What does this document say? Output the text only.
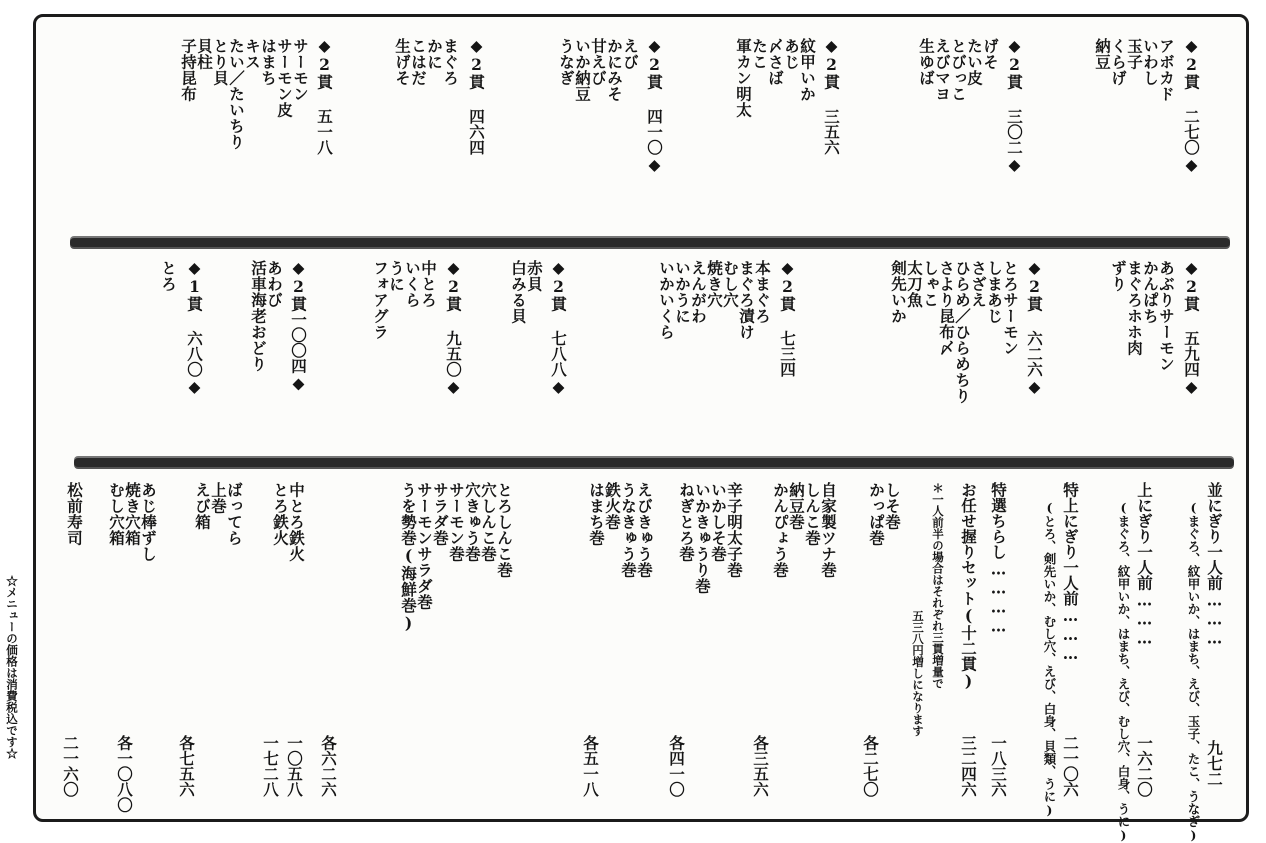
◆2貫 二七〇◆
アボカド
いわし
玉子
くらげ
納豆
◆2貫 三〇二◆
げそ
たい皮
とびっこ
えびマヨ
生ゆば
◆2貫 三五六
紋甲いか
あじ
〆さば
たこ
軍カン明太
◆2貫 四一〇◆
えび
かにみそ
甘えび
いか納豆
うなぎ
◆2貫 四六四
まぐろ
かに
こはだ
生げそ
◆2貫 五一八
サーモン
サーモン皮
はまち
キス
たい／たいちり
とり貝
貝柱
子持昆布
◆2貫 五九四◆
あぶりサーモン
かんぱち
まぐろホホ肉
ずり
◆2貫 六二六◆
とろサーモン
しまあじ
さざえ
ひらめ／ひらめちり
さより昆布〆
しゃこ
太刀魚
剣先いか
◆2貫 七三四
本まぐろ
まぐろ漬け
むし穴
焼き穴
えんがわ
いかうに
いかいくら
◆2貫 七八八◆
赤貝
白みる貝
◆2貫 九五〇◆
中とろ
いくら
うに
フォアグラ
◆2貫一〇〇四◆
あわび
活車海老おどり
◆1貫 六八〇◆
とろ
並にぎり一人前………
(まぐろ、紋甲いか、はまち、えび、玉子、たこ、うなぎ) 九七二
上にぎり一人前………
(まぐろ、紋甲いか、はまち、えび、むし穴、白身、うに) 一六二〇
特上にぎり一人前………
(とろ、剣先いか、むし穴、えび、白身、貝類、うに) 二一〇六
特選ちらし…………
一八三六
お任せ握りセット(十二貫)
三二四六
＊一人前半の場合はそれぞれ三貫増量で
五三八円増しになります
しそ巻
かっぱ巻
各二七〇
自家製ツナ巻
しんこ巻
納豆巻
かんぴょう巻
各三五六
辛子明太子巻
いかしそ巻
いかきゅうり巻
ねぎとろ巻
各四一〇
えびきゅう巻
うなきゅう巻
鉄火巻
はまち巻
各五一八
とろしんこ巻
穴しんこ巻
穴きゅう巻
サーモン巻
サラダ巻
サーモンサラダ巻
うを勢巻(海鮮巻)
各六二六
中とろ鉄火
とろ鉄火
一〇五八
一七二八
ばってら
上巻
えび箱
各七五六
あじ棒ずし
焼き穴箱
むし穴箱
各一〇八〇
松前寿司
二一六〇
☆メニューの価格は消費税込です☆
